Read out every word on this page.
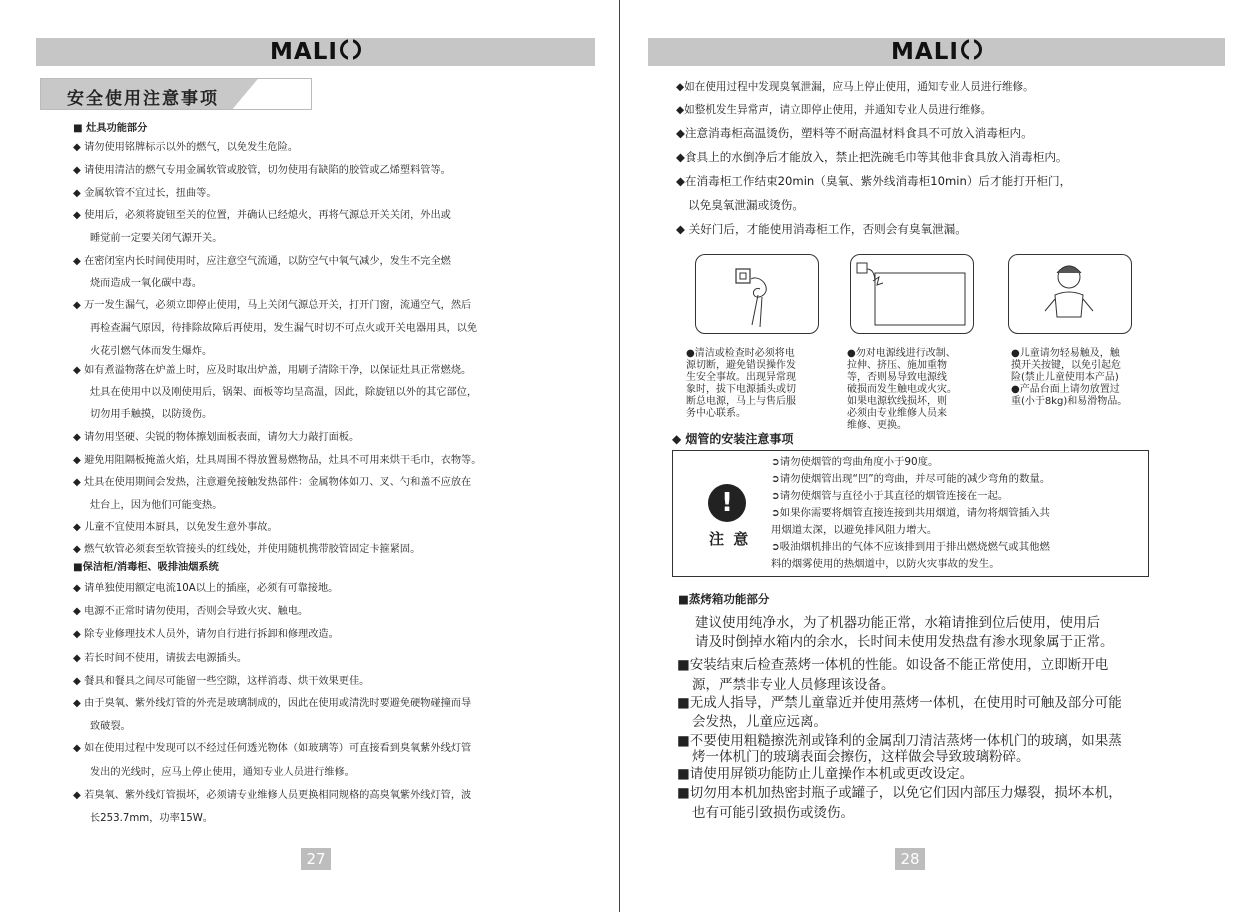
MALI
安全使用注意事项
■ 灶具功能部分
◆ 请勿使用铭牌标示以外的燃气，以免发生危险。
◆ 请使用清洁的燃气专用金属软管或胶管，切勿使用有缺陷的胶管或乙烯塑料管等。
◆ 金属软管不宜过长，扭曲等。
◆ 使用后，必须将旋钮至关的位置，并确认已经熄火，再将气源总开关关闭，外出或
睡觉前一定要关闭气源开关。
◆ 在密闭室内长时间使用时，应注意空气流通，以防空气中氧气减少，发生不完全燃
烧而造成一氧化碳中毒。
◆ 万一发生漏气，必须立即停止使用，马上关闭气源总开关，打开门窗，流通空气，然后
再检查漏气原因，待排除故障后再使用，发生漏气时切不可点火或开关电器用具，以免
火花引燃气体而发生爆炸。
◆ 如有煮溢物落在炉盖上时，应及时取出炉盖，用刷子清除干净，以保证灶具正常燃烧。
灶具在使用中以及刚使用后，锅架、面板等均呈高温，因此，除旋钮以外的其它部位，
切勿用手触摸，以防烫伤。
◆ 请勿用坚硬、尖锐的物体擦划面板表面，请勿大力敲打面板。
◆ 避免用阻隔板掩盖火焰，灶具周围不得放置易燃物品，灶具不可用来烘干毛巾，衣物等。
◆ 灶具在使用期间会发热，注意避免接触发热部件：金属物体如刀、叉、勺和盖不应放在
灶台上，因为他们可能变热。
◆ 儿童不宜使用本厨具，以免发生意外事故。
◆ 燃气软管必须套至软管接头的红线处，并使用随机携带胶管固定卡箍紧固。
■保洁柜/消毒柜、吸排油烟系统
◆ 请单独使用额定电流10A以上的插座，必须有可靠接地。
◆ 电源不正常时请勿使用，否则会导致火灾、触电。
◆ 除专业修理技术人员外，请勿自行进行拆卸和修理改造。
◆ 若长时间不使用，请拔去电源插头。
◆ 餐具和餐具之间尽可能留一些空隙，这样消毒、烘干效果更佳。
◆ 由于臭氧、紫外线灯管的外壳是玻璃制成的，因此在使用或清洗时要避免硬物碰撞而导
致破裂。
◆ 如在使用过程中发现可以不经过任何透光物体（如玻璃等）可直接看到臭氧紫外线灯管
发出的光线时，应马上停止使用，通知专业人员进行维修。
◆ 若臭氧、紫外线灯管损坏，必须请专业维修人员更换相同规格的高臭氧紫外线灯管，波
长253.7mm，功率15W。
27
MALI
◆如在使用过程中发现臭氧泄漏，应马上停止使用，通知专业人员进行维修。
◆如整机发生异常声，请立即停止使用，并通知专业人员进行维修。
◆注意消毒柜高温烫伤，塑料等不耐高温材料食具不可放入消毒柜内。
◆食具上的水倒净后才能放入，禁止把洗碗毛巾等其他非食具放入消毒柜内。
◆在消毒柜工作结束20min（臭氧、紫外线消毒柜10min）后才能打开柜门，
以免臭氧泄漏或烫伤。
◆ 关好门后，才能使用消毒柜工作，否则会有臭氧泄漏。
●清洁或检查时必须将电
源切断，避免错误操作发
生安全事故。出现异常现
象时，拔下电源插头或切
断总电源，马上与售后服
务中心联系。
●勿对电源线进行改制、
拉伸、挤压、施加重物
等，否则易导致电源线
破损而发生触电或火灾。
如果电源软线损坏，则
必须由专业维修人员来
维修、更换。
●儿童请勿轻易触及，触
摸开关按键，以免引起危
险(禁止儿童使用本产品)
●产品台面上请勿放置过
重(小于8kg)和易滑物品。
◆ 烟管的安装注意事项
!
注 意
➲请勿使烟管的弯曲角度小于90度。
➲请勿使烟管出现“凹”的弯曲，并尽可能的减少弯角的数量。
➲请勿使烟管与直径小于其直径的烟管连接在一起。
➲如果你需要将烟管直接连接到共用烟道，请勿将烟管插入共
用烟道太深，以避免排风阻力增大。
➲吸油烟机排出的气体不应该排到用于排出燃烧燃气或其他燃
料的烟雾使用的热烟道中，以防火灾事故的发生。
■蒸烤箱功能部分
建议使用纯净水，为了机器功能正常，水箱请推到位后使用，使用后
请及时倒掉水箱内的余水，长时间未使用发热盘有渗水现象属于正常。
■安装结束后检查蒸烤一体机的性能。如设备不能正常使用，立即断开电
源，严禁非专业人员修理该设备。
■无成人指导，严禁儿童靠近并使用蒸烤一体机，在使用时可触及部分可能
会发热，儿童应远离。
■不要使用粗糙擦洗剂或锋利的金属刮刀清洁蒸烤一体机门的玻璃，如果蒸
烤一体机门的玻璃表面会擦伤，这样做会导致玻璃粉碎。
■请使用屏锁功能防止儿童操作本机或更改设定。
■切勿用本机加热密封瓶子或罐子，以免它们因内部压力爆裂，损坏本机，
也有可能引致损伤或烫伤。
28
